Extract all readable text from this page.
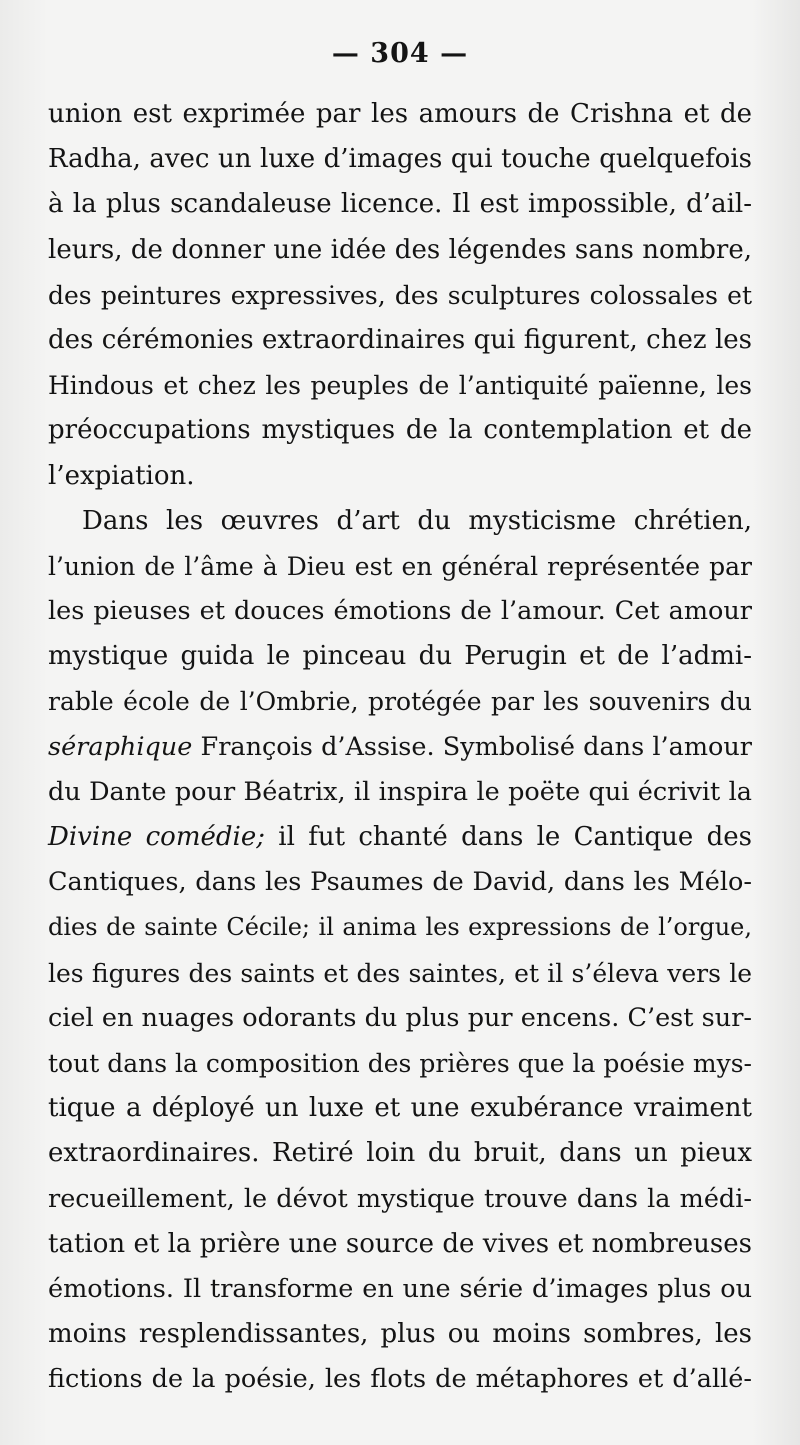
— 304 —
union est exprimée par les amours de Crishna et de
Radha, avec un luxe d’images qui touche quelquefois
à la plus scandaleuse licence. Il est impossible, d’ail-
leurs, de donner une idée des légendes sans nombre,
des peintures expressives, des sculptures colossales et
des cérémonies extraordinaires qui figurent, chez les
Hindous et chez les peuples de l’antiquité païenne, les
préoccupations mystiques de la contemplation et de
l’expiation.
Dans les œuvres d’art du mysticisme chrétien,
l’union de l’âme à Dieu est en général représentée par
les pieuses et douces émotions de l’amour. Cet amour
mystique guida le pinceau du Perugin et de l’admi-
rable école de l’Ombrie, protégée par les souvenirs du
séraphique François d’Assise. Symbolisé dans l’amour
du Dante pour Béatrix, il inspira le poëte qui écrivit la
Divine comédie; il fut chanté dans le Cantique des
Cantiques, dans les Psaumes de David, dans les Mélo-
dies de sainte Cécile; il anima les expressions de l’orgue,
les figures des saints et des saintes, et il s’éleva vers le
ciel en nuages odorants du plus pur encens. C’est sur-
tout dans la composition des prières que la poésie mys-
tique a déployé un luxe et une exubérance vraiment
extraordinaires. Retiré loin du bruit, dans un pieux
recueillement, le dévot mystique trouve dans la médi-
tation et la prière une source de vives et nombreuses
émotions. Il transforme en une série d’images plus ou
moins resplendissantes, plus ou moins sombres, les
fictions de la poésie, les flots de métaphores et d’allé-
